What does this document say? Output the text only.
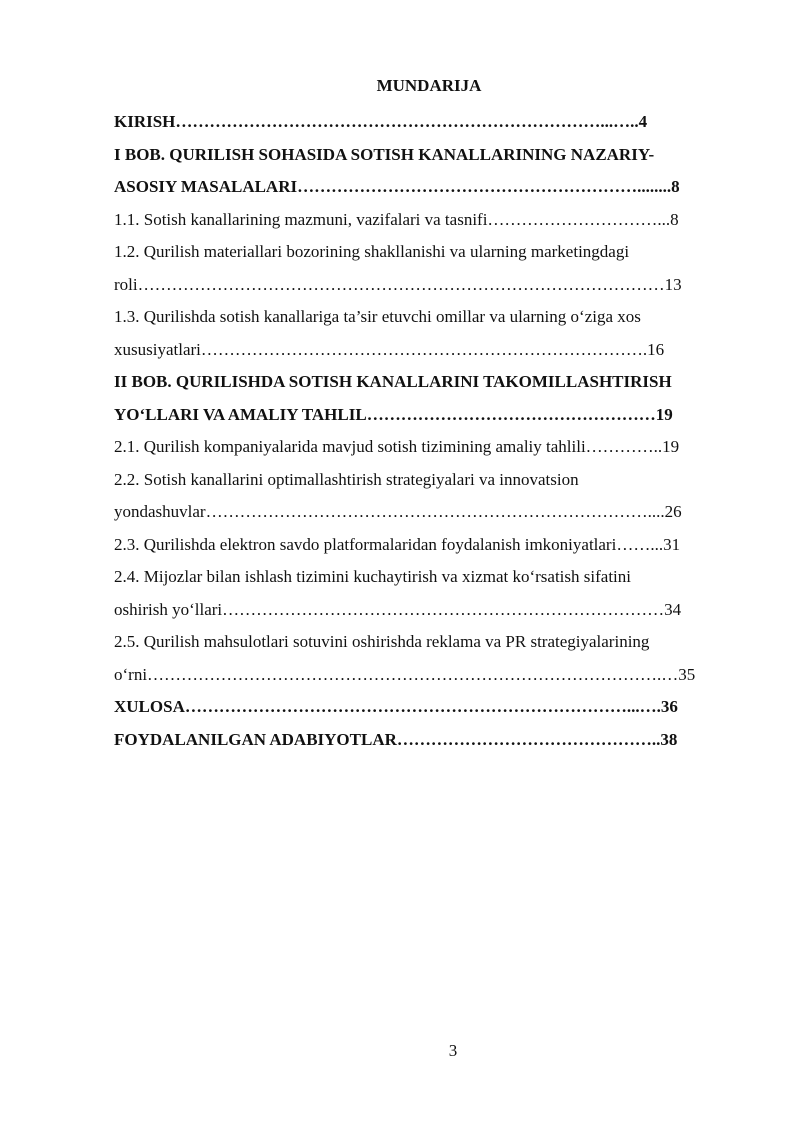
MUNDARIJA
KIRISH…………………………………………………………………...…..4
I BOB. QURILISH SOHASIDA SOTISH KANALLARINING NAZARIY-
ASOSIY MASALALARI……………………………………………………........8
1.1. Sotish kanallarining mazmuni, vazifalari va tasnifi…………………………...8
1.2. Qurilish materiallari bozorining shakllanishi va ularning marketingdagi
roli…………………………………………………………………………………13
1.3. Qurilishda sotish kanallariga ta’sir etuvchi omillar va ularning o‘ziga xos
xususiyatlari…………………………………………………………………….16
II BOB. QURILISHDA SOTISH KANALLARINI TAKOMILLASHTIRISH
YO‘LLARI VA AMALIY TAHLIL……………………………………………19
2.1. Qurilish kompaniyalarida mavjud sotish tizimining amaliy tahlili…………..19
2.2. Sotish kanallarini optimallashtirish strategiyalari va innovatsion
yondashuvlar……………………………………………………………………....26
2.3. Qurilishda elektron savdo platformalaridan foydalanish imkoniyatlari……...31
2.4. Mijozlar bilan ishlash tizimini kuchaytirish va xizmat ko‘rsatish sifatini
oshirish yo‘llari……………………………………………………………………34
2.5. Qurilish mahsulotlari sotuvini oshirishda reklama va PR strategiyalarining
o‘rni……………………………………………………………………………….…35
XULOSA……………………………………………………………………...….36
FOYDALANILGAN ADABIYOTLAR………………………………………..38
3
